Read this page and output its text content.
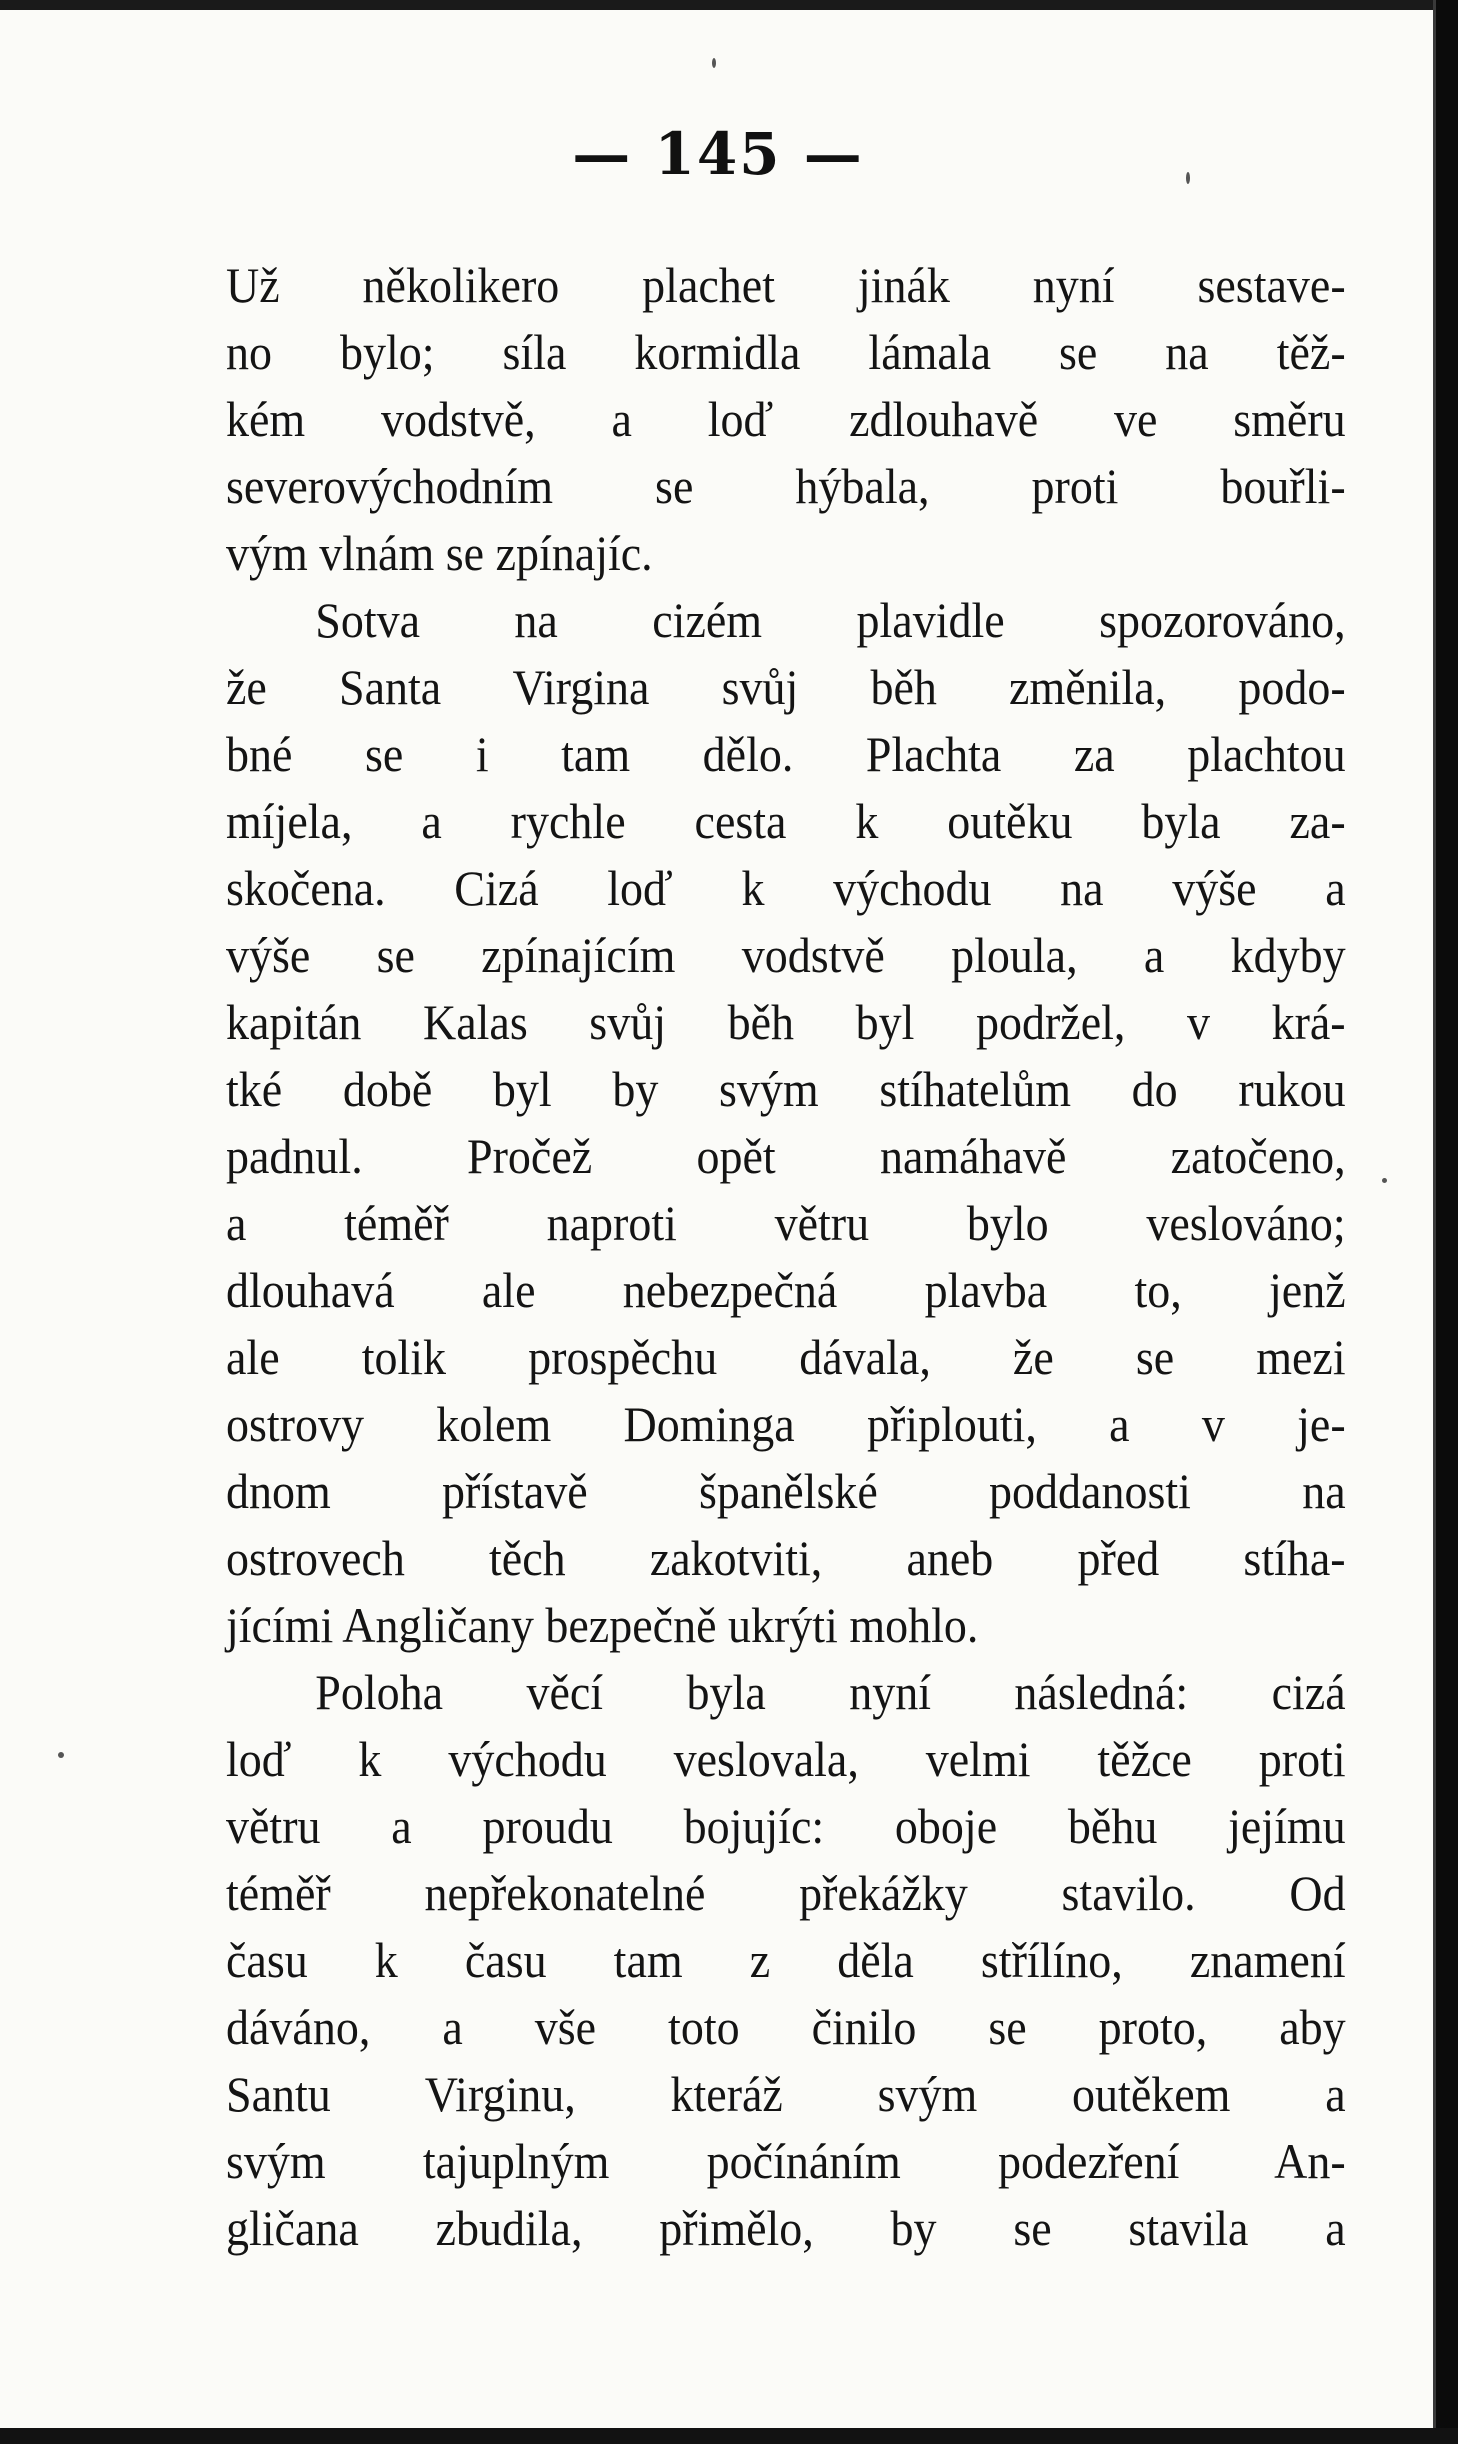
— 145 —
Už několikero plachet jinák nyní sestave-
no bylo; síla kormidla lámala se na těž-
kém vodstvě, a loď zdlouhavě ve směru
severovýchodním se hýbala, proti bouřli-
vým vlnám se zpínajíc.
Sotva na cizém plavidle spozorováno,
že Santa Virgina svůj běh změnila, podo-
bné se i tam dělo. Plachta za plachtou
míjela, a rychle cesta k outěku byla za-
skočena. Cizá loď k východu na výše a
výše se zpínajícím vodstvě ploula, a kdyby
kapitán Kalas svůj běh byl podržel, v krá-
tké době byl by svým stíhatelům do rukou
padnul. Pročež opět namáhavě zatočeno,
a téměř naproti větru bylo veslováno;
dlouhavá ale nebezpečná plavba to, jenž
ale tolik prospěchu dávala, že se mezi
ostrovy kolem Dominga připlouti, a v je-
dnom přístavě španělské poddanosti na
ostrovech těch zakotviti, aneb před stíha-
jícími Angličany bezpečně ukrýti mohlo.
Poloha věcí byla nyní následná: cizá
loď k východu veslovala, velmi těžce proti
větru a proudu bojujíc: oboje běhu jejímu
téměř nepřekonatelné překážky stavilo. Od
času k času tam z děla střílíno, znamení
dáváno, a vše toto činilo se proto, aby
Santu Virginu, kteráž svým outěkem a
svým tajuplným počínáním podezření An-
gličana zbudila, přimělo, by se stavila a
